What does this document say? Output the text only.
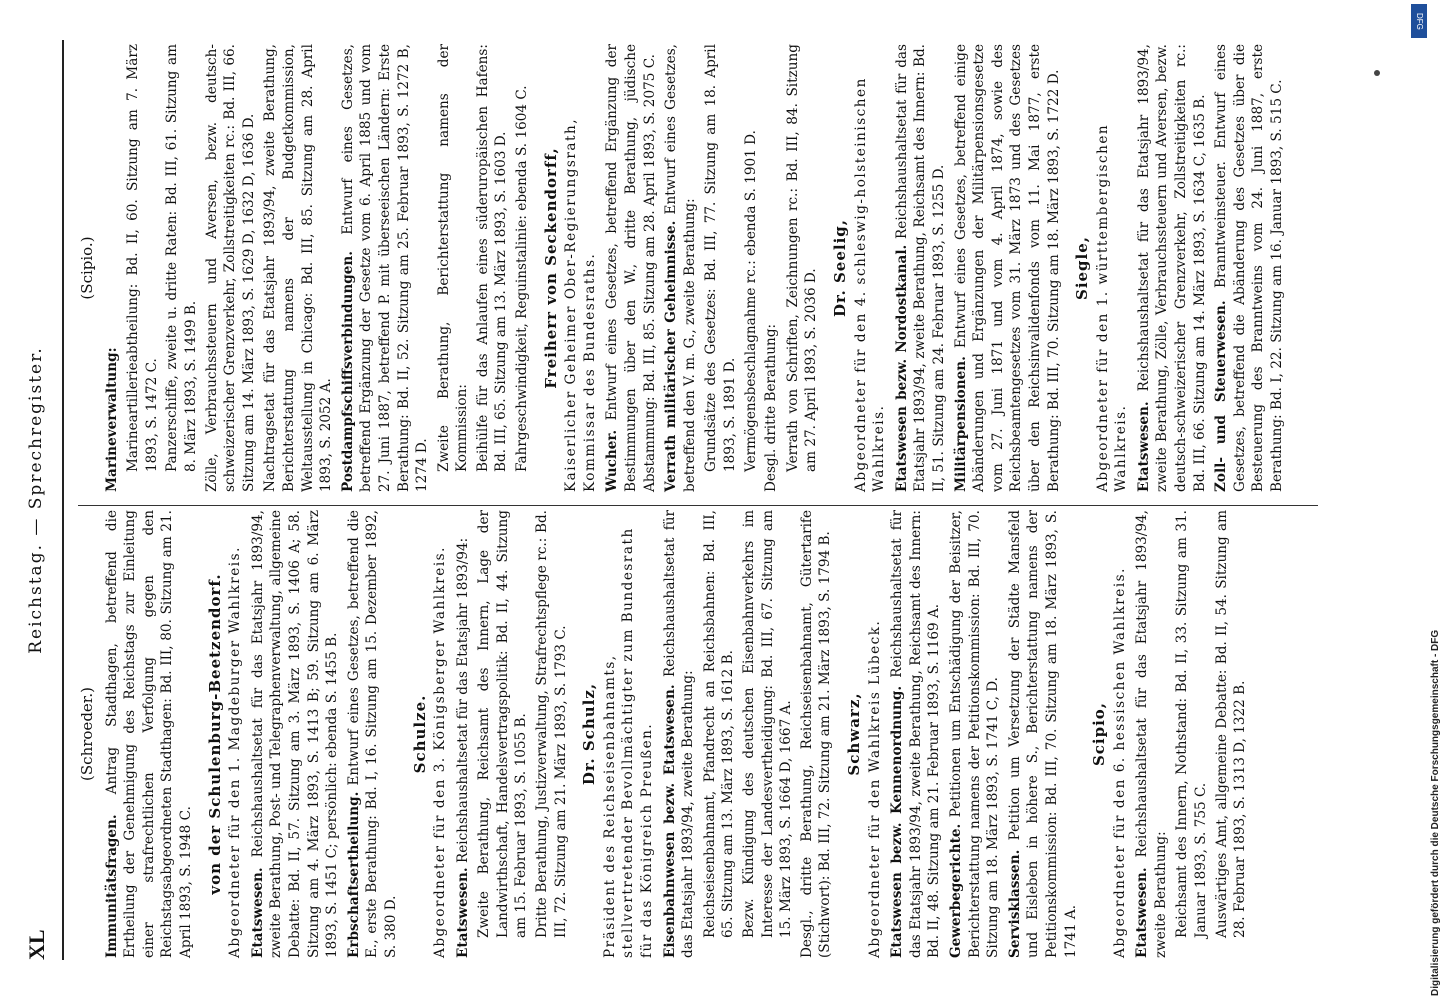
XL
Reichstag. — Sprechregister.
(Schroeder.)
Immunitätsfragen. Antrag Stadthagen, betreffend die Ertheilung der Genehmigung des Reichstags zur Einleitung einer strafrechtlichen Verfolgung gegen den Reichstagsabgeordneten Stadthagen: Bd. III, 80. Sitzung am 21. April 1893, S. 1948 C. von der Schulenburg-Beetzendorf. Abgeordneter für den 1. Magdeburger Wahlkreis. Etatswesen. Reichshaushaltsetat für das Etatsjahr 1893/94, zweite Berathung, Post- und Telegraphenverwaltung, allgemeine Debatte: Bd. II, 57. Sitzung am 3. März 1893, S. 1406 A; 58. Sitzung am 4. März 1893, S. 1413 B; 59. Sitzung am 6. März 1893, S. 1451 C; persönlich: ebenda S. 1455 B. Erbschaftsertheilung. Entwurf eines Gesetzes, betreffend die E., erste Berathung: Bd. I, 16. Sitzung am 15. Dezember 1892, S. 380 D.
Schulze. Abgeordneter für den 3. Königsberger Wahlkreis. Etatswesen. Reichshaushaltsetat für das Etatsjahr 1893/94: Zweite Berathung, Reichsamt des Innern, Lage der Landwirthschaft, Handelsvertragspolitik: Bd. II, 44. Sitzung am 15. Februar 1893, S. 1055 B. Dritte Berathung, Justizverwaltung, Strafrechtspflege rc.: Bd. III, 72. Sitzung am 21. März 1893, S. 1793 C. Dr. Schulz, Präsident des Reichseisenbahnamts, stellvertretender Bevollmächtigter zum Bundesrath für das Königreich Preußen. Eisenbahnwesen bezw. Etatswesen. Reichshaushaltsetat für das Etatsjahr 1893/94, zweite Berathung: Reichseisenbahnamt, Pfandrecht an Reichsbahnen: Bd. III, 65. Sitzung am 13. März 1893, S. 1612 B. Bezw. Kündigung des deutschen Eisenbahnverkehrs im Interesse der Landesvertheidigung: Bd. III, 67. Sitzung am 15. März 1893, S. 1664 D, 1667 A. Desgl., dritte Berathung, Reichseisenbahnamt, Gütertarife (Stichwort): Bd. III, 72. Sitzung am 21. März 1893, S. 1794 B. Schwarz, Abgeordneter für den Wahlkreis Lübeck. Etatswesen bezw. Kennenordnung. Reichshaushaltsetat für das Etatsjahr 1893/94, zweite Berathung, Reichsamt des Innern: Bd. II, 48. Sitzung am 21. Februar 1893, S. 1169 A. Gewerbegerichte. Petitionen um Entschädigung der Beisitzer, Berichterstattung namens der Petitionskommission: Bd. III, 70. Sitzung am 18. März 1893, S. 1741 C, D. Servisklassen. Petition um Versetzung der Städte Mansfeld und Eisleben in höhere S., Berichterstattung namens der Petitionskommission: Bd. III, 70. Sitzung am 18. März 1893, S. 1741 A.
Scipio, Abgeordneter für den 6. hessischen Wahlkreis. Etatswesen. Reichshaushaltsetat für das Etatsjahr 1893/94, zweite Berathung: Reichsamt des Innern, Nothstand: Bd. II, 33. Sitzung am 31. Januar 1893, S. 755 C. Auswärtiges Amt, allgemeine Debatte: Bd. II, 54. Sitzung am 28. Februar 1893, S. 1313 D, 1322 B.
(Scipio.)
Marineverwaltung: Marineartillerieabtheilung: Bd. II, 60. Sitzung am 7. März 1893, S. 1472 C. Panzerschiffe, zweite u. dritte Raten: Bd. III, 61. Sitzung am 8. März 1893, S. 1499 B. Zölle, Verbrauchssteuern und Aversen, bezw. deutsch-schweizerischer Grenzverkehr, Zollstreitigkeiten rc.: Bd. III, 66. Sitzung am 14. März 1893, S. 1629 D, 1632 D, 1636 D. Nachtragsetat für das Etatsjahr 1893/94, zweite Berathung, Berichterstattung namens der Budgetkommission, Weltausstellung in Chicago: Bd. III, 85. Sitzung am 28. April 1893, S. 2052 A. Postdampfschiffsverbindungen. Entwurf eines Gesetzes, betreffend Ergänzung der Gesetze vom 6. April 1885 und vom 27. Juni 1887, betreffend P. mit überseeischen Ländern: Erste Berathung: Bd. II, 52. Sitzung am 25. Februar 1893, S. 1272 B, 1274 D. Zweite Berathung, Berichterstattung namens der Kommission: Beihülfe für das Anlaufen eines süderuropäischen Hafens: Bd. III, 65. Sitzung am 13. März 1893, S. 1603 D. Fahrgeschwindigkeit, Reguinstalinie: ebenda S. 1604 C. Freiherr von Seckendorff, Kaiserlicher Geheimer Ober-Regierungsrath, Kommissar des Bundesraths. Wucher. Entwurf eines Gesetzes, betreffend Ergänzung der Bestimmungen über den W., dritte Berathung, jüdische Abstammung: Bd. III, 85. Sitzung am 28. April 1893, S. 2075 C. Verrath militärischer Geheimnisse. Entwurf eines Gesetzes, betreffend den V. m. G., zweite Berathung: Grundsätze des Gesetzes: Bd. III, 77. Sitzung am 18. April 1893, S. 1891 D. Vermögensbeschlagnahme rc.: ebenda S. 1901 D. Desgl. dritte Berathung: Verrath von Schriften, Zeichnungen rc.: Bd. III, 84. Sitzung am 27. April 1893, S. 2036 D.
Dr. Seelig, Abgeordneter für den 4. schleswig-holsteinischen Wahlkreis. Etatswesen bezw. Nordostkanal. Reichshaushaltsetat für das Etatsjahr 1893/94, zweite Berathung, Reichsamt des Innern: Bd. II, 51. Sitzung am 24. Februar 1893, S. 1255 D. Militärpensionen. Entwurf eines Gesetzes, betreffend einige Abänderungen und Ergänzungen der Militärpensionsgesetze vom 27. Juni 1871 und vom 4. April 1874, sowie des Reichsbeamtengesetzes vom 31. März 1873 und des Gesetzes über den Reichsinvalidenfonds vom 11. Mai 1877, erste Berathung: Bd. III, 70. Sitzung am 18. März 1893, S. 1722 D. Siegle, Abgeordneter für den 1. württembergischen Wahlkreis. Etatswesen. Reichshaushaltsetat für das Etatsjahr 1893/94, zweite Berathung, Zölle, Verbrauchssteuern und Aversen, bezw. deutsch-schweizerischer Grenzverkehr, Zollstreitigkeiten rc.: Bd. III, 66. Sitzung am 14. März 1893, S. 1634 C, 1635 B. Zoll- und Steuerwesen. Branntweinsteuer. Entwurf eines Gesetzes, betreffend die Abänderung des Gesetzes über die Besteuerung des Branntweins vom 24. Juni 1887, erste Berathung: Bd. I, 22. Sitzung am 16. Januar 1893, S. 515 C.
DFG
Digitalisierung gefördert durch die Deutsche Forschungsgemeinschaft - DFG
